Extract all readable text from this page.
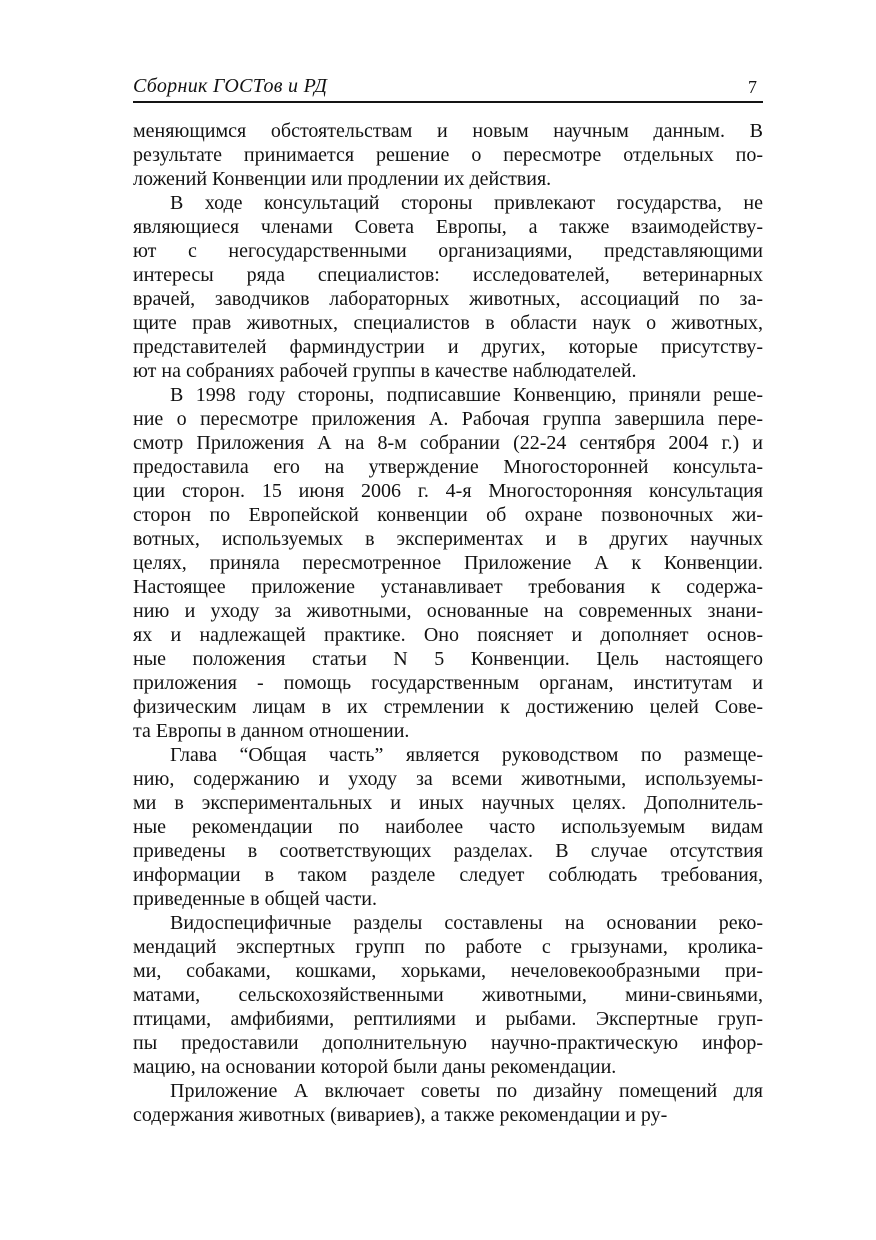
Сборник ГОСТов и РД	7
меняющимся обстоятельствам и новым научным данным. В
результате принимается решение о пересмотре отдельных по-
ложений Конвенции или продлении их действия.
В ходе консультаций стороны привлекают государства, не
являющиеся членами Совета Европы, а также взаимодейству-
ют с негосударственными организациями, представляющими
интересы ряда специалистов: исследователей, ветеринарных
врачей, заводчиков лабораторных животных, ассоциаций по за-
щите прав животных, специалистов в области наук о животных,
представителей фарминдустрии и других, которые присутству-
ют на собраниях рабочей группы в качестве наблюдателей.
В 1998 году стороны, подписавшие Конвенцию, приняли реше-
ние о пересмотре приложения А. Рабочая группа завершила пере-
смотр Приложения А на 8-м собрании (22-24 сентября 2004 г.) и
предоставила его на утверждение Многосторонней консульта-
ции сторон. 15 июня 2006 г. 4-я Многосторонняя консультация
сторон по Европейской конвенции об охране позвоночных жи-
вотных, используемых в экспериментах и в других научных
целях, приняла пересмотренное Приложение А к Конвенции.
Настоящее приложение устанавливает требования к содержа-
нию и уходу за животными, основанные на современных знани-
ях и надлежащей практике. Оно поясняет и дополняет основ-
ные положения статьи N 5 Конвенции. Цель настоящего
приложения - помощь государственным органам, институтам и
физическим лицам в их стремлении к достижению целей Сове-
та Европы в данном отношении.
Глава “Общая часть” является руководством по размеще-
нию, содержанию и уходу за всеми животными, используемы-
ми в экспериментальных и иных научных целях. Дополнитель-
ные рекомендации по наиболее часто используемым видам
приведены в соответствующих разделах. В случае отсутствия
информации в таком разделе следует соблюдать требования,
приведенные в общей части.
Видоспецифичные разделы составлены на основании реко-
мендаций экспертных групп по работе с грызунами, кролика-
ми, собаками, кошками, хорьками, нечеловекообразными при-
матами, сельскохозяйственными животными, мини-свиньями,
птицами, амфибиями, рептилиями и рыбами. Экспертные груп-
пы предоставили дополнительную научно-практическую инфор-
мацию, на основании которой были даны рекомендации.
Приложение А включает советы по дизайну помещений для
содержания животных (вивариев), а также рекомендации и ру-
